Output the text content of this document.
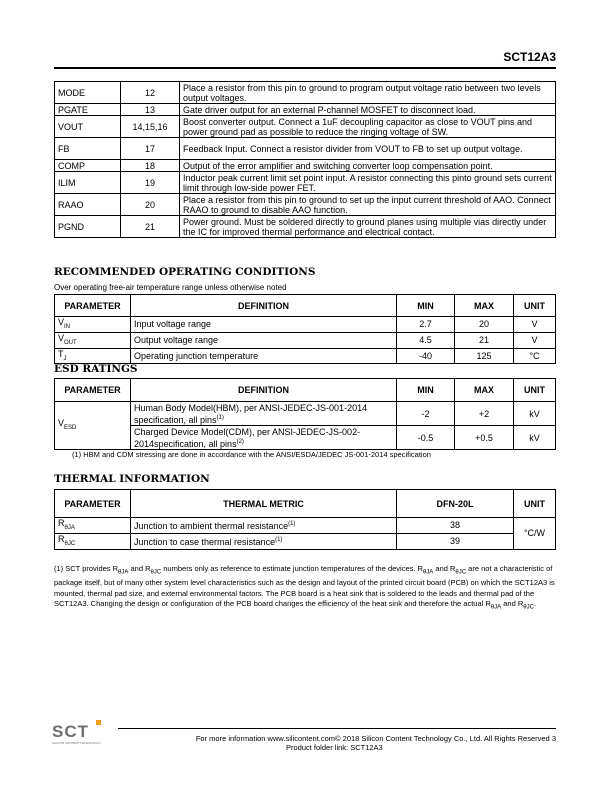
SCT12A3
MODE	12	Place a resistor from this pin to ground to program output voltage ratio between two levels output voltages.
PGATE	13	Gate driver output for an external P-channel MOSFET to disconnect load.
VOUT	14,15,16	Boost converter output. Connect a 1uF decoupling capacitor as close to VOUT pins and power ground pad as possible to reduce the ringing voltage of SW.
FB	17	Feedback Input. Connect a resistor divider from VOUT to FB to set up output voltage.
COMP	18	Output of the error amplifier and switching converter loop compensation point.
ILIM	19	Inductor peak current limit set point input. A resistor connecting this pinto ground sets current limit through low-side power FET.
RAAO	20	Place a resistor from this pin to ground to set up the input current threshold of AAO. Connect RAAO to ground to disable AAO function.
PGND	21	Power ground. Must be soldered directly to ground planes using multiple vias directly under the IC for improved thermal performance and electrical contact.
RECOMMENDED OPERATING CONDITIONS
Over operating free-air temperature range unless otherwise noted
PARAMETER	DEFINITION	MIN	MAX	UNIT
$V_{IN}$	Input voltage range	2.7	20	V
$V_{OUT}$	Output voltage range	4.5	21	V
$T_J$	Operating junction temperature	-40	125	°C
ESD RATINGS
PARAMETER	DEFINITION	MIN	MAX	UNIT
$V_{ESD}$	Human Body Model(HBM), per ANSI-JEDEC-JS-001-2014 specification, all pins$^{(1)}$	-2	+2	kV
	Charged Device Model(CDM), per ANSI-JEDEC-JS-002-2014specification, all pins$^{(2)}$	-0.5	+0.5	kV
(1) HBM and CDM stressing are done in accordance with the ANSI/ESDA/JEDEC JS-001-2014 specification
THERMAL INFORMATION
PARAMETER	THERMAL METRIC	DFN-20L	UNIT
$R_{\theta JA}$	Junction to ambient thermal resistance$^{(1)}$	38	°C/W
$R_{\theta JC}$	Junction to case thermal resistance$^{(1)}$	39	
(1) SCT provides $R_{\theta JA}$ and $R_{\theta JC}$ numbers only as reference to estimate junction temperatures of the devices. $R_{\theta JA}$ and $R_{\theta JC}$ are not a characteristic of package itself, but of many other system level characteristics such as the design and layout of the printed circuit board (PCB) on which the SCT12A3 is mounted, thermal pad size, and external environmental factors. The PCB board is a heat sink that is soldered to the leads and thermal pad of the SCT12A3. Changing the design or configuration of the PCB board changes the efficiency of the heat sink and therefore the actual $R_{\theta JA}$ and $R_{\theta JC}$.
SCT
SILICON CONTENT TECHNOLOGY	For more information www.silicontent.com© 2018 Silicon Content Technology Co., Ltd. All Rights Reserved 3
Product folder link: SCT12A3
